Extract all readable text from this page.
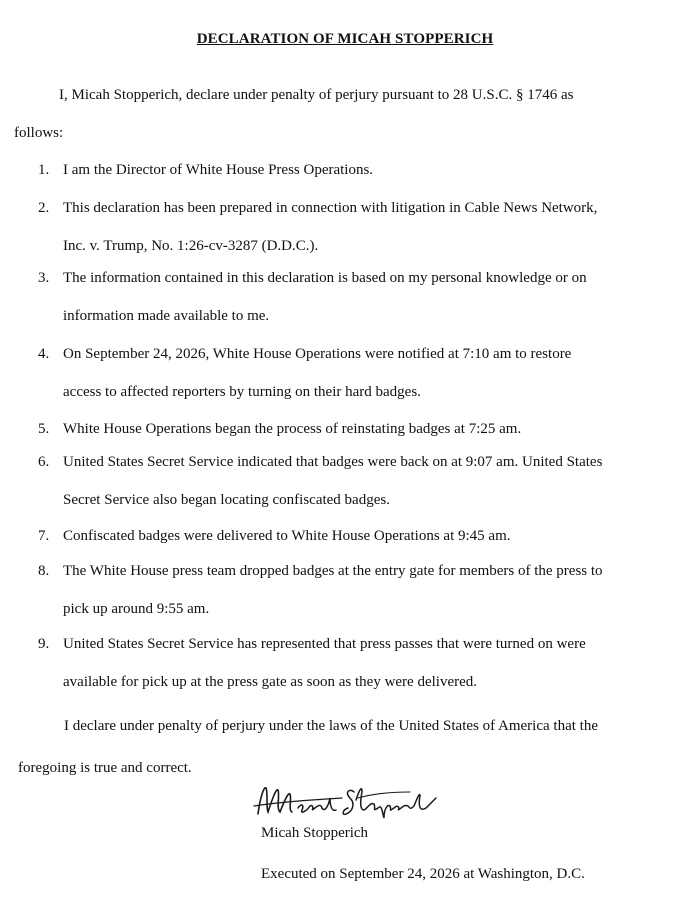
DECLARATION OF MICAH STOPPERICH
I, Micah Stopperich, declare under penalty of perjury pursuant to 28 U.S.C. § 1746 as
follows:
1. I am the Director of White House Press Operations.
2. This declaration has been prepared in connection with litigation in Cable News Network,
Inc. v. Trump, No. 1:26-cv-3287 (D.D.C.).
3. The information contained in this declaration is based on my personal knowledge or on
information made available to me.
4. On September 24, 2026, White House Operations were notified at 7:10 am to restore
access to affected reporters by turning on their hard badges.
5. White House Operations began the process of reinstating badges at 7:25 am.
6. United States Secret Service indicated that badges were back on at 9:07 am. United States
Secret Service also began locating confiscated badges.
7. Confiscated badges were delivered to White House Operations at 9:45 am.
8. The White House press team dropped badges at the entry gate for members of the press to
pick up around 9:55 am.
9. United States Secret Service has represented that press passes that were turned on were
available for pick up at the press gate as soon as they were delivered.
I declare under penalty of perjury under the laws of the United States of America that the
foregoing is true and correct.
Micah Stopperich
Executed on September 24, 2026 at Washington, D.C.
